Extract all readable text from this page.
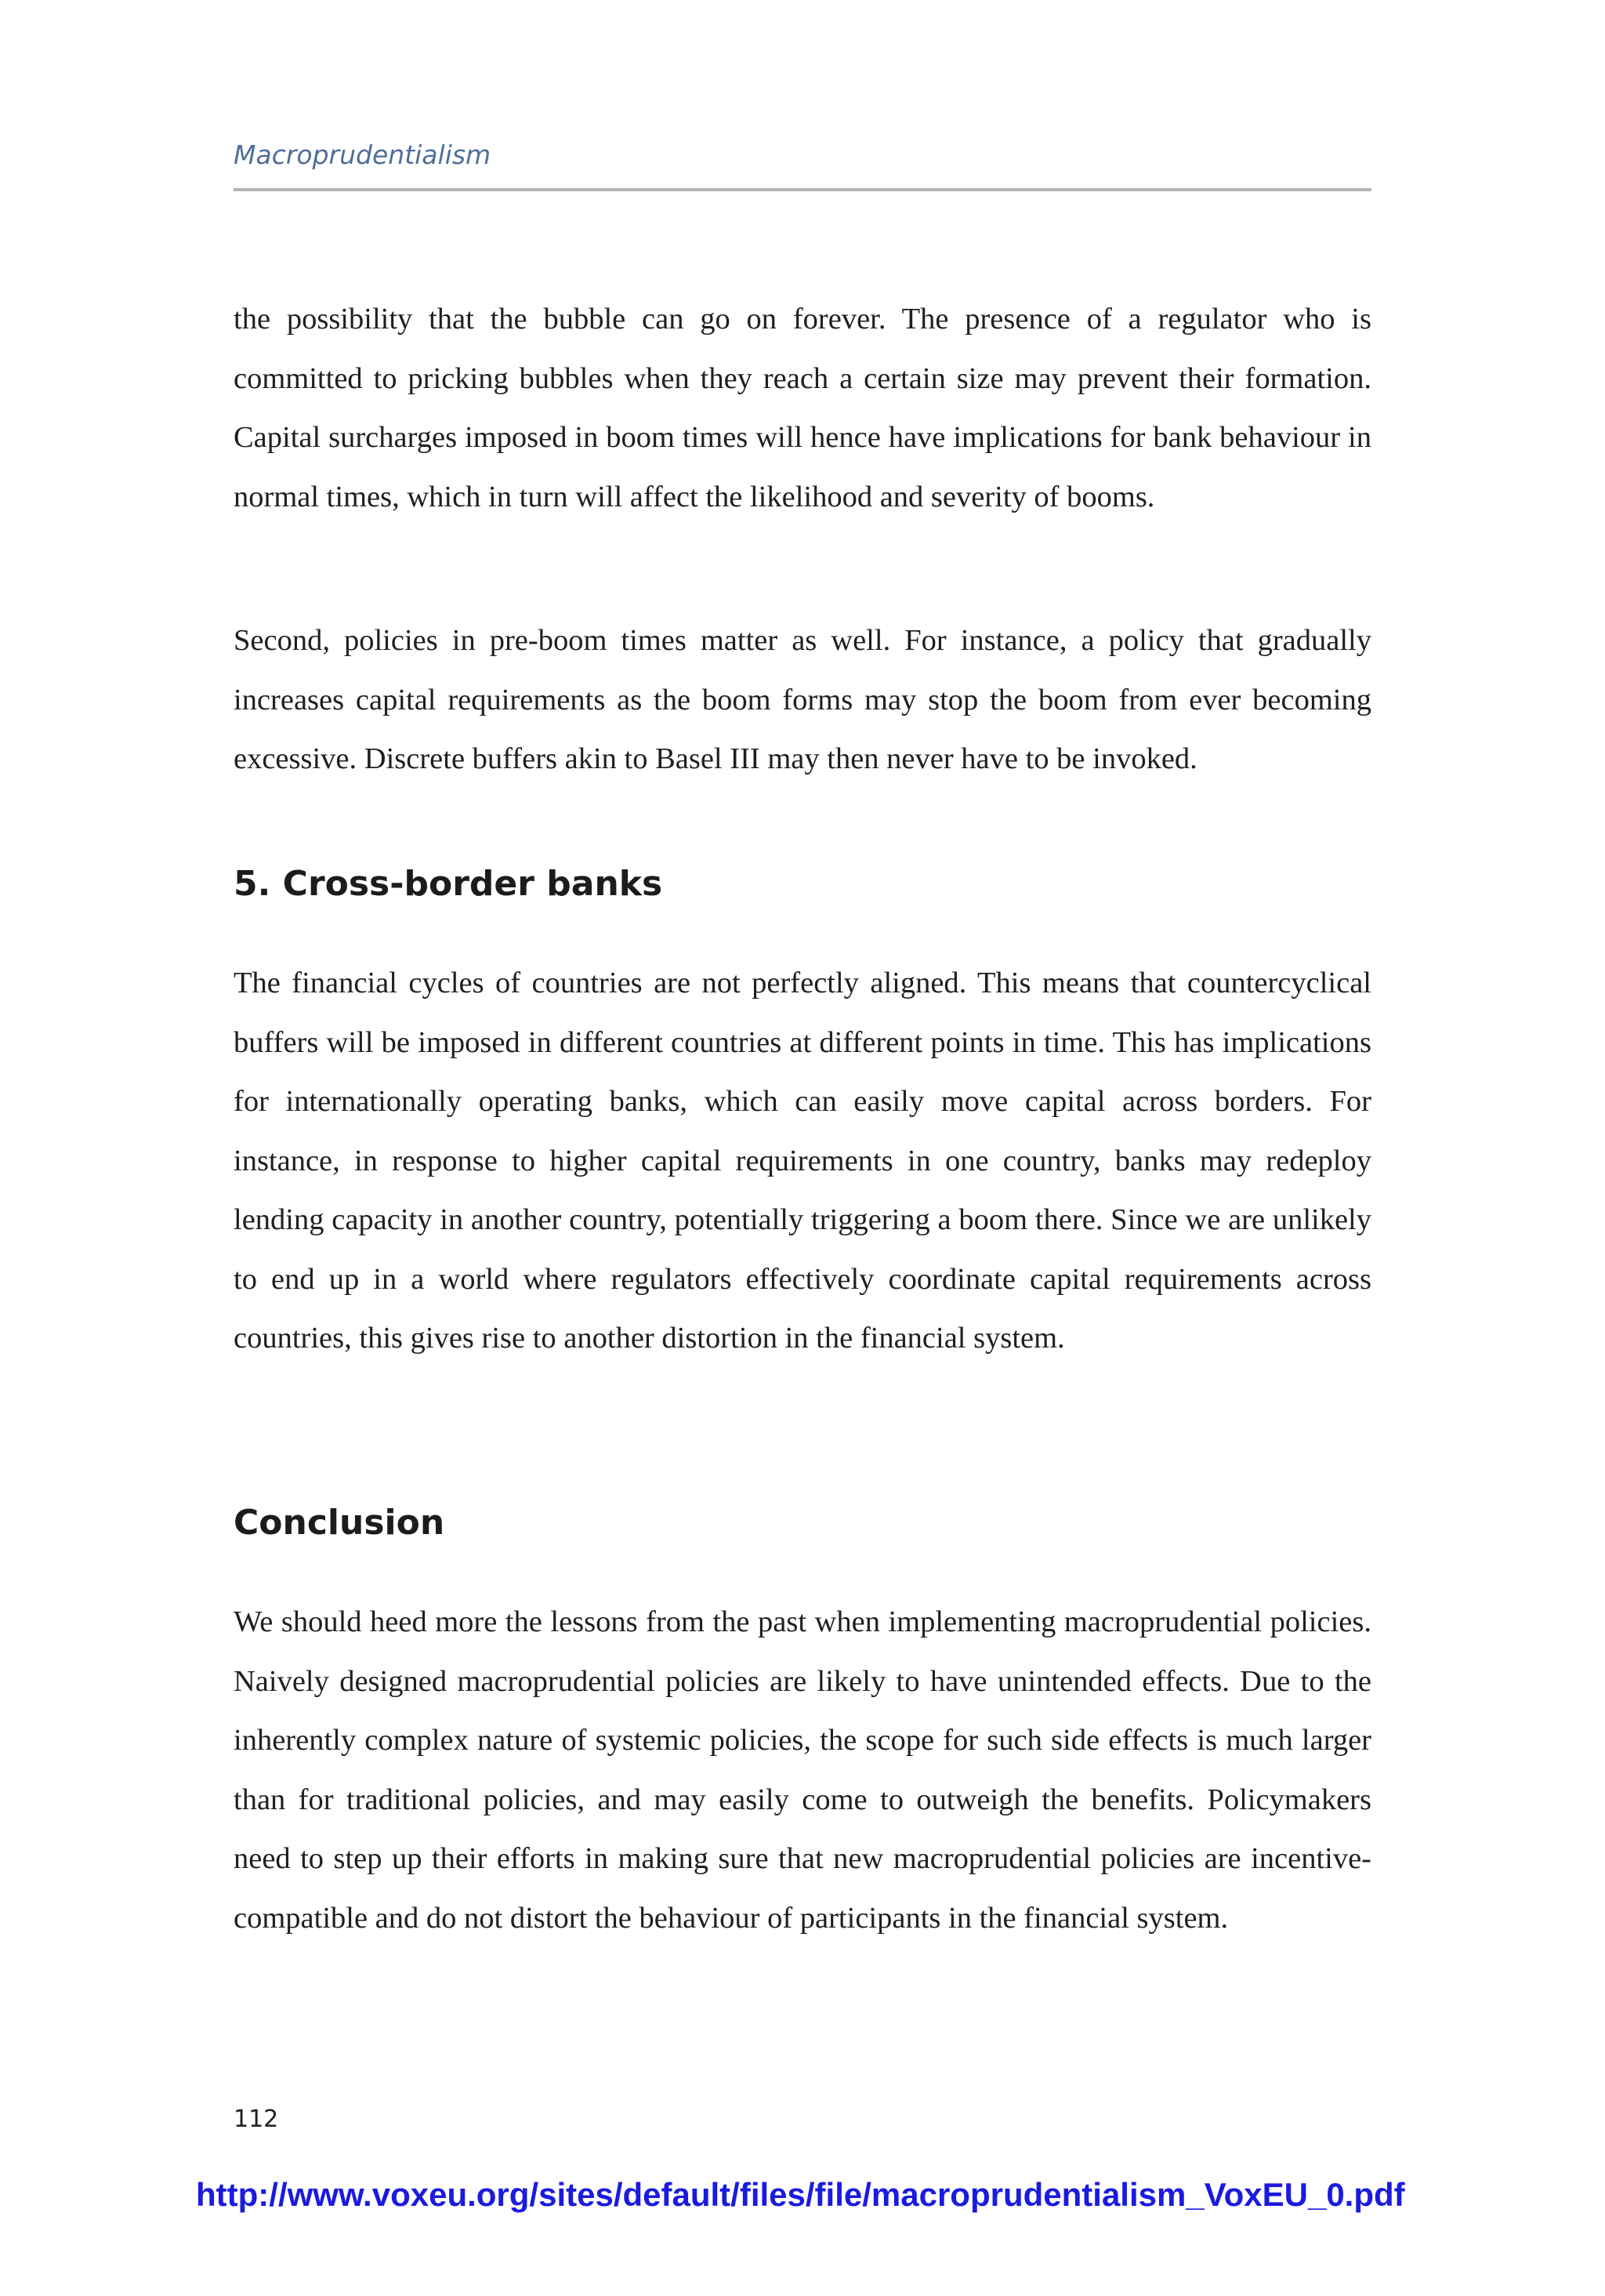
Macroprudentialism

the possibility that the bubble can go on forever. The presence of a regulator who is committed to pricking bubbles when they reach a certain size may prevent their formation. Capital surcharges imposed in boom times will hence have implications for bank behaviour in normal times, which in turn will affect the likelihood and severity of booms.

Second, policies in pre-boom times matter as well. For instance, a policy that gradually increases capital requirements as the boom forms may stop the boom from ever becoming excessive. Discrete buffers akin to Basel III may then never have to be invoked.

5. Cross-border banks

The financial cycles of countries are not perfectly aligned. This means that countercyclical buffers will be imposed in different countries at different points in time. This has implications for internationally operating banks, which can easily move capital across borders. For instance, in response to higher capital requirements in one country, banks may redeploy lending capacity in another country, potentially triggering a boom there. Since we are unlikely to end up in a world where regulators effectively coordinate capital requirements across countries, this gives rise to another distortion in the financial system.

Conclusion

We should heed more the lessons from the past when implementing macroprudential policies. Naively designed macroprudential policies are likely to have unintended effects. Due to the inherently complex nature of systemic policies, the scope for such side effects is much larger than for traditional policies, and may easily come to outweigh the benefits. Policymakers need to step up their efforts in making sure that new macroprudential policies are incentive-compatible and do not distort the behaviour of participants in the financial system.

112
http://www.voxeu.org/sites/default/files/file/macroprudentialism_VoxEU_0.pdf
